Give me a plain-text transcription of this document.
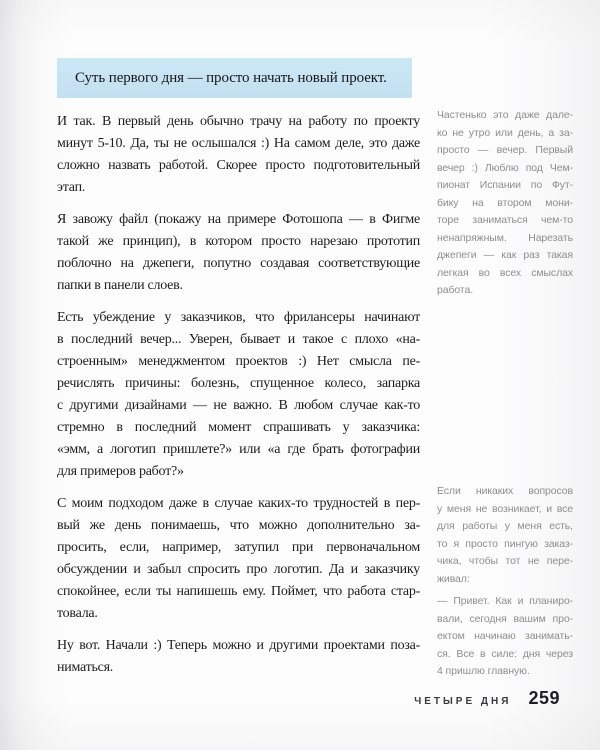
Суть первого дня — просто начать новый проект.
И так. В первый день обычно трачу на работу по проекту
минут 5-10. Да, ты не ослышался :) На самом деле, это даже
сложно назвать работой. Скорее просто подготовительный
этап.
Я завожу файл (покажу на примере Фотошопа — в Фигме
такой же принцип), в котором просто нарезаю прототип
поблочно на джепеги, попутно создавая соответствующие
папки в панели слоев.
Есть убеждение у заказчиков, что фрилансеры начинают
в последний вечер... Уверен, бывает и такое с плохо «на-
строенным» менеджментом проектов :) Нет смысла пе-
речислять причины: болезнь, спущенное колесо, запарка
с другими дизайнами — не важно. В любом случае как-то
стремно в последний момент спрашивать у заказчика:
«эмм, а логотип пришлете?» или «а где брать фотографии
для примеров работ?»
С моим подходом даже в случае каких-то трудностей в пер-
вый же день понимаешь, что можно дополнительно за-
просить, если, например, затупил при первоначальном
обсуждении и забыл спросить про логотип. Да и заказчику
спокойнее, если ты напишешь ему. Поймет, что работа стар-
товала.
Ну вот. Начали :) Теперь можно и другими проектами поза-
ниматься.
Частенько это даже дале-
ко не утро или день, а за-
просто — вечер. Первый
вечер :) Люблю под Чем-
пионат Испании по Фут-
бику на втором мони-
торе заниматься чем-то
ненапряжным. Нарезать
джепеги — как раз такая
легкая во всех смыслах
работа.
Если никаких вопросов
у меня не возникает, и все
для работы у меня есть,
то я просто пингую заказ-
чика, чтобы тот не пере-
живал:
— Привет. Как и планиро-
вали, сегодня вашим про-
ектом начинаю занимать-
ся. Все в силе: дня через
4 пришлю главную.
ЧЕТЫРЕ ДНЯ 259
